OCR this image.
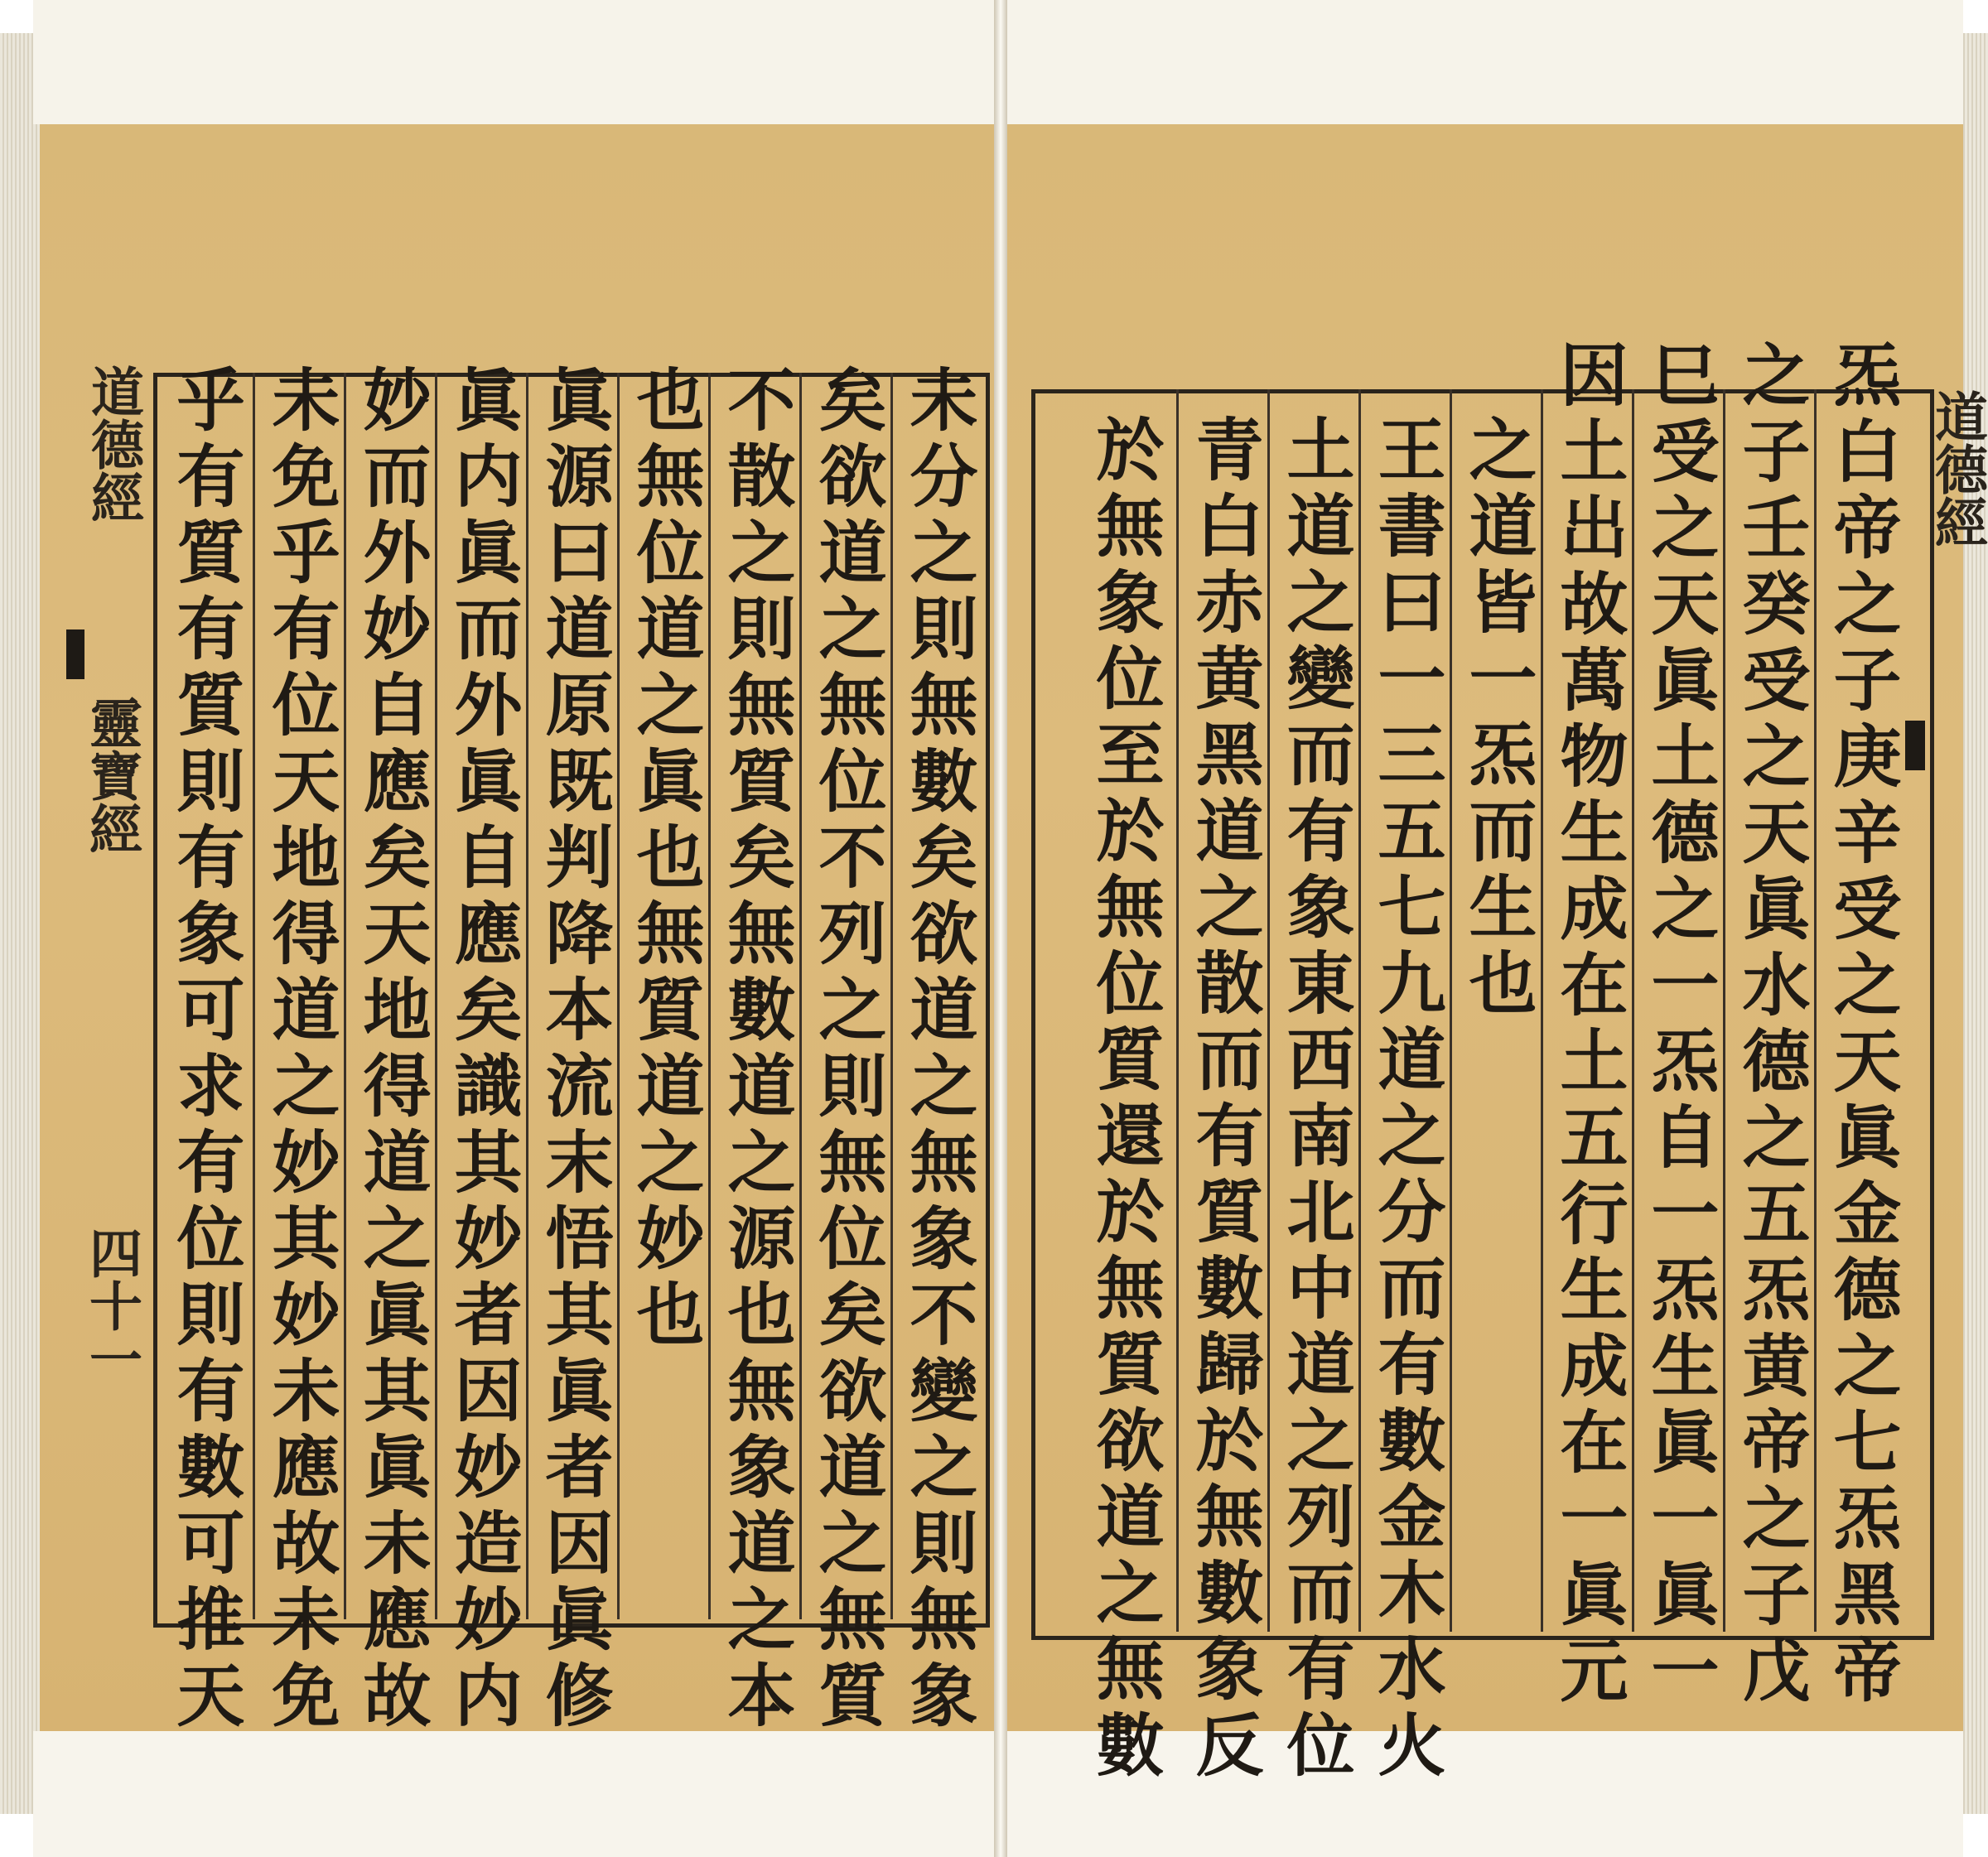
道德經
靈寶經
四十一
道德經
炁白帝之子庚辛受之天眞金德之七炁黑帝
之子壬癸受之天眞水德之五炁黄帝之子戊
巳受之天眞土德之一炁自一炁生眞一眞一
因土出故萬物生成在土五行生成在一眞元
之道皆一炁而生也
王書曰一三五七九道之分而有數金木水火
土道之變而有象東西南北中道之列而有位
青白赤黄黑道之散而有質數歸於無數象反
於無象位至於無位質還於無質欲道之無數
未分之則無數矣欲道之無象不變之則無象
矣欲道之無位不列之則無位矣欲道之無質
不散之則無質矣無數道之源也無象道之本
也無位道之眞也無質道之妙也
眞源曰道原既判降本流末悟其眞者因眞修
眞内眞而外眞自應矣識其妙者因妙造妙内
妙而外妙自應矣天地得道之眞其眞未應故
未免乎有位天地得道之妙其妙未應故未免
乎有質有質則有象可求有位則有數可推天
